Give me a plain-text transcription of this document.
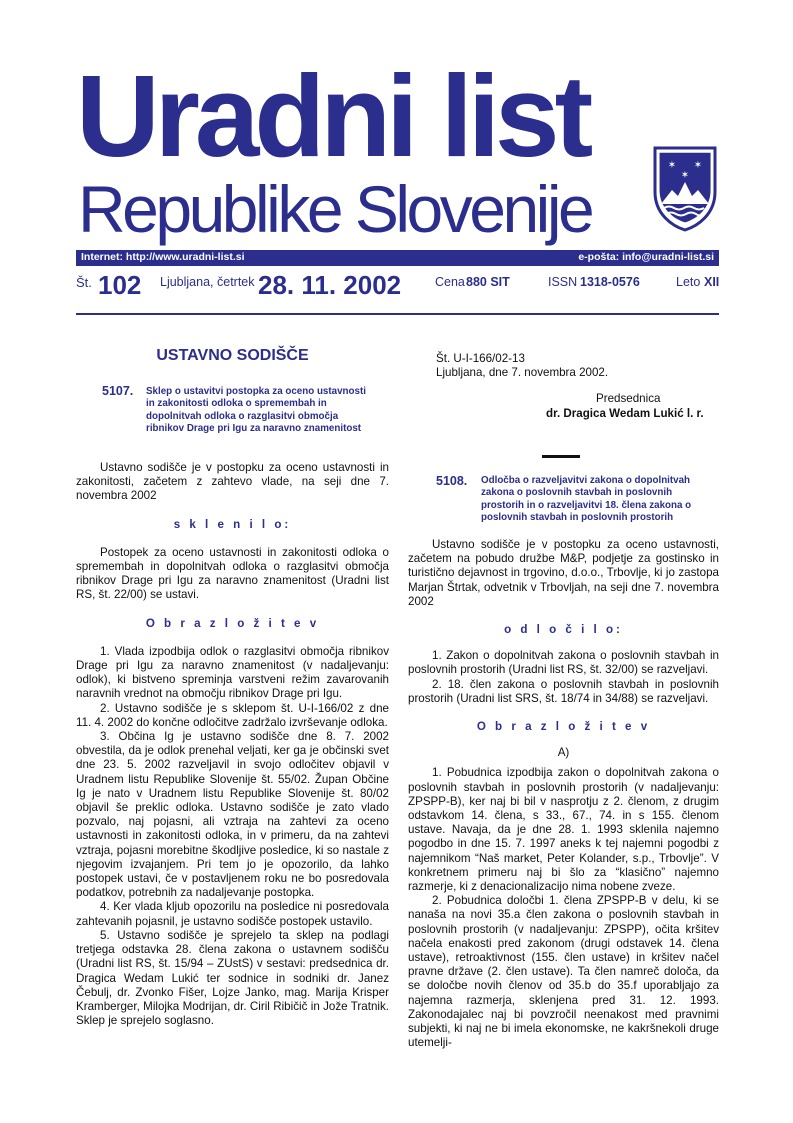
Uradni list
Republike Slovenije
✶ ✶
✶
Internet: http://www.uradni-list.si	e-pošta: info@uradni-list.si
Št. 102 Ljubljana, četrtek 28. 11. 2002	Cena 880 SIT	ISSN 1318-0576	Leto XII
USTAVNO SODIŠČE
5107. Sklep o ustavitvi postopka za oceno ustavnosti in zakonitosti odloka o spremembah in dopolnitvah odloka o razglasitvi območja ribnikov Drage pri Igu za naravno znamenitost

Ustavno sodišče je v postopku za oceno ustavnosti in zakonitosti, začetem z zahtevo vlade, na seji dne 7. novembra 2002

s k l e n i l o:

Postopek za oceno ustavnosti in zakonitosti odloka o spremembah in dopolnitvah odloka o razglasitvi območja ribnikov Drage pri Igu za naravno znamenitost (Uradni list RS, št. 22/00) se ustavi.

O b r a z l o ž i t e v

1. Vlada izpodbija odlok o razglasitvi območja ribnikov Drage pri Igu za naravno znamenitost (v nadaljevanju: odlok), ki bistveno spreminja varstveni režim zavarovanih naravnih vrednot na območju ribnikov Drage pri Igu.

2. Ustavno sodišče je s sklepom št. U-I-166/02 z dne 11. 4. 2002 do končne odločitve zadržalo izvrševanje odloka.

3. Občina Ig je ustavno sodišče dne 8. 7. 2002 obvestila, da je odlok prenehal veljati, ker ga je občinski svet dne 23. 5. 2002 razveljavil in svojo odločitev objavil v Uradnem listu Republike Slovenije št. 55/02. Župan Občine Ig je nato v Uradnem listu Republike Slovenije št. 80/02 objavil še preklic odloka. Ustavno sodišče je zato vlado pozvalo, naj pojasni, ali vztraja na zahtevi za oceno ustavnosti in zakonitosti odloka, in v primeru, da na zahtevi vztraja, pojasni morebitne škodljive posledice, ki so nastale z njegovim izvajanjem. Pri tem jo je opozorilo, da lahko postopek ustavi, če v postavljenem roku ne bo posredovala podatkov, potrebnih za nadaljevanje postopka.

4. Ker vlada kljub opozorilu na posledice ni posredovala zahtevanih pojasnil, je ustavno sodišče postopek ustavilo.

5. Ustavno sodišče je sprejelo ta sklep na podlagi tretjega odstavka 28. člena zakona o ustavnem sodišču (Uradni list RS, št. 15/94 – ZUstS) v sestavi: predsednica dr. Dragica Wedam Lukić ter sodnice in sodniki dr. Janez Čebulj, dr. Zvonko Fišer, Lojze Janko, mag. Marija Krisper Kramberger, Milojka Modrijan, dr. Ciril Ribičič in Jože Tratnik. Sklep je sprejelo soglasno.

Št. U-I-166/02-13

Ljubljana, dne 7. novembra 2002.

Predsednica

dr. Dragica Wedam Lukić l. r.

5108. Odločba o razveljavitvi zakona o dopolnitvah zakona o poslovnih stavbah in poslovnih prostorih in o razveljavitvi 18. člena zakona o poslovnih stavbah in poslovnih prostorih

Ustavno sodišče je v postopku za oceno ustavnosti, začetem na pobudo družbe M&P, podjetje za gostinsko in turistično dejavnost in trgovino, d.o.o., Trbovlje, ki jo zastopa Marjan Štrtak, odvetnik v Trbovljah, na seji dne 7. novembra 2002

o d l o č i l o:

1. Zakon o dopolnitvah zakona o poslovnih stavbah in poslovnih prostorih (Uradni list RS, št. 32/00) se razveljavi.

2. 18. člen zakona o poslovnih stavbah in poslovnih prostorih (Uradni list SRS, št. 18/74 in 34/88) se razveljavi.

O b r a z l o ž i t e v

A)

1. Pobudnica izpodbija zakon o dopolnitvah zakona o poslovnih stavbah in poslovnih prostorih (v nadaljevanju: ZPSPP-B), ker naj bi bil v nasprotju z 2. členom, z drugim odstavkom 14. člena, s 33., 67., 74. in s 155. členom ustave. Navaja, da je dne 28. 1. 1993 sklenila najemno pogodbo in dne 15. 7. 1997 aneks k tej najemni pogodbi z najemnikom “Naš market, Peter Kolander, s.p., Trbovlje”. V konkretnem primeru naj bi šlo za “klasično” najemno razmerje, ki z denacionalizacijo nima nobene zveze.

2. Pobudnica določbi 1. člena ZPSPP-B v delu, ki se nanaša na novi 35.a člen zakona o poslovnih stavbah in poslovnih prostorih (v nadaljevanju: ZPSPP), očita kršitev načela enakosti pred zakonom (drugi odstavek 14. člena ustave), retroaktivnost (155. člen ustave) in kršitev načel pravne države (2. člen ustave). Ta člen namreč določa, da se določbe novih členov od 35.b do 35.f uporabljajo za najemna razmerja, sklenjena pred 31. 12. 1993. Zakonodajalec naj bi povzročil neenakost med pravnimi subjekti, ki naj ne bi imela ekonomske, ne kakršnekoli druge utemelji-
